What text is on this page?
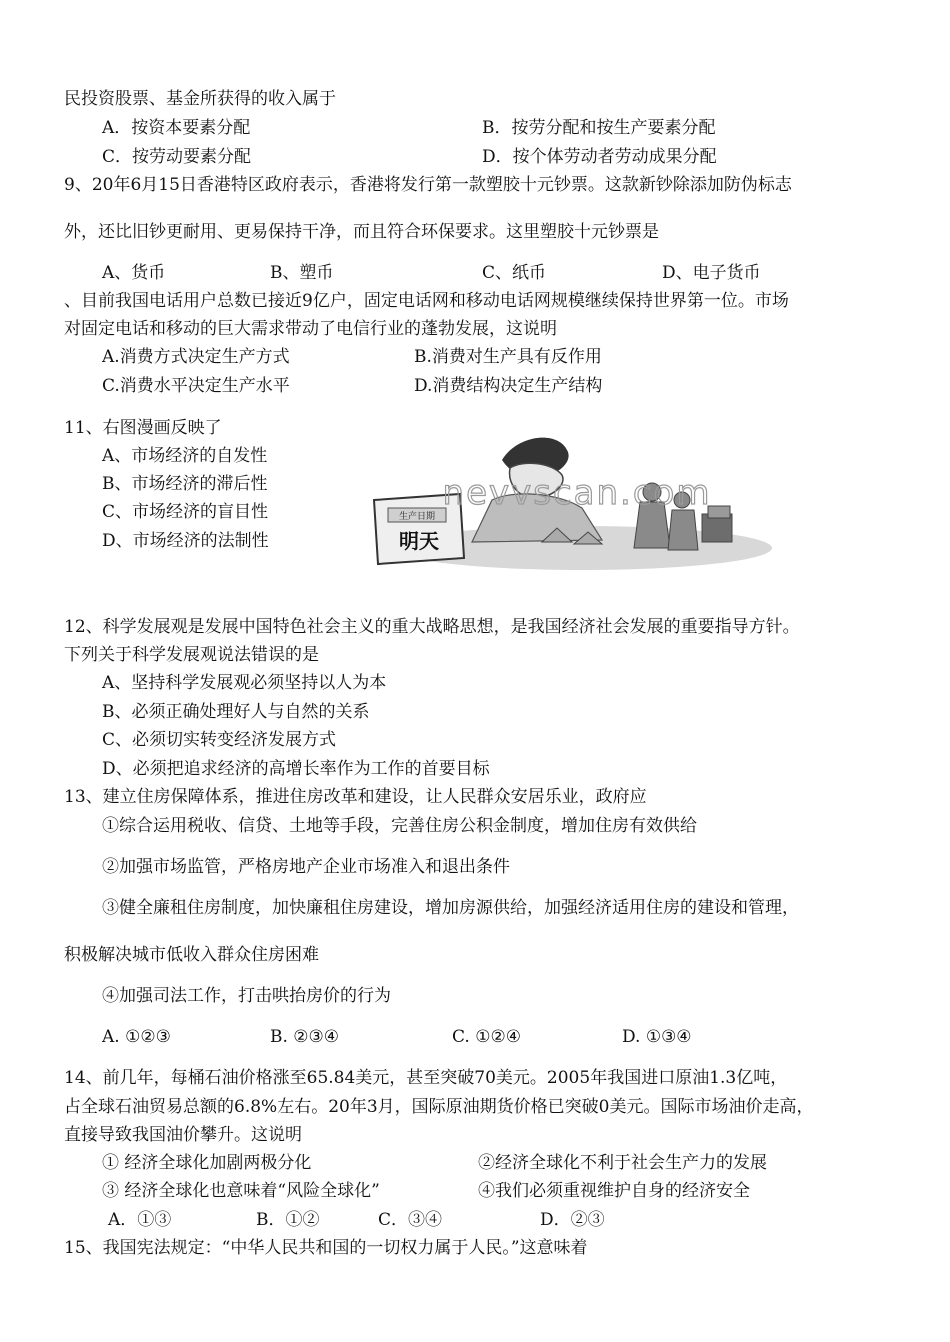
民投资股票、基金所获得的收入属于
A．按资本要素分配	B．按劳分配和按生产要素分配
C．按劳动要素分配	D．按个体劳动者劳动成果分配
9、20年6月15日香港特区政府表示，香港将发行第一款塑胶十元钞票。这款新钞除添加防伪标志
外，还比旧钞更耐用、更易保持干净，而且符合环保要求。这里塑胶十元钞票是
A、货币	B、塑币	C、纸币	D、电子货币
、目前我国电话用户总数已接近9亿户，固定电话网和移动电话网规模继续保持世界第一位。市场
对固定电话和移动的巨大需求带动了电信行业的蓬勃发展，这说明
A.消费方式决定生产方式	B.消费对生产具有反作用
C.消费水平决定生产水平	D.消费结构决定生产结构
11、右图漫画反映了
A、市场经济的自发性
B、市场经济的滞后性
C、市场经济的盲目性
D、市场经济的法制性
生产日期
明天
nevvscan.com
12、科学发展观是发展中国特色社会主义的重大战略思想，是我国经济社会发展的重要指导方针。
下列关于科学发展观说法错误的是
A、坚持科学发展观必须坚持以人为本
B、必须正确处理好人与自然的关系
C、必须切实转变经济发展方式
D、必须把追求经济的高增长率作为工作的首要目标
13、建立住房保障体系，推进住房改革和建设，让人民群众安居乐业，政府应
①综合运用税收、信贷、土地等手段，完善住房公积金制度，增加住房有效供给
②加强市场监管，严格房地产企业市场准入和退出条件
③健全廉租住房制度，加快廉租住房建设，增加房源供给，加强经济适用住房的建设和管理，
积极解决城市低收入群众住房困难
④加强司法工作，打击哄抬房价的行为
A. ①②③	B. ②③④	C. ①②④	D. ①③④
14、前几年，每桶石油价格涨至65.84美元，甚至突破70美元。2005年我国进口原油1.3亿吨，
占全球石油贸易总额的6.8%左右。20年3月，国际原油期货价格已突破0美元。国际市场油价走高，
直接导致我国油价攀升。这说明
① 经济全球化加剧两极分化	②经济全球化不利于社会生产力的发展
③ 经济全球化也意味着“风险全球化”	④我们必须重视维护自身的经济安全
A．①③	B．①②	C．③④	D．②③
15、我国宪法规定：“中华人民共和国的一切权力属于人民。”这意味着
